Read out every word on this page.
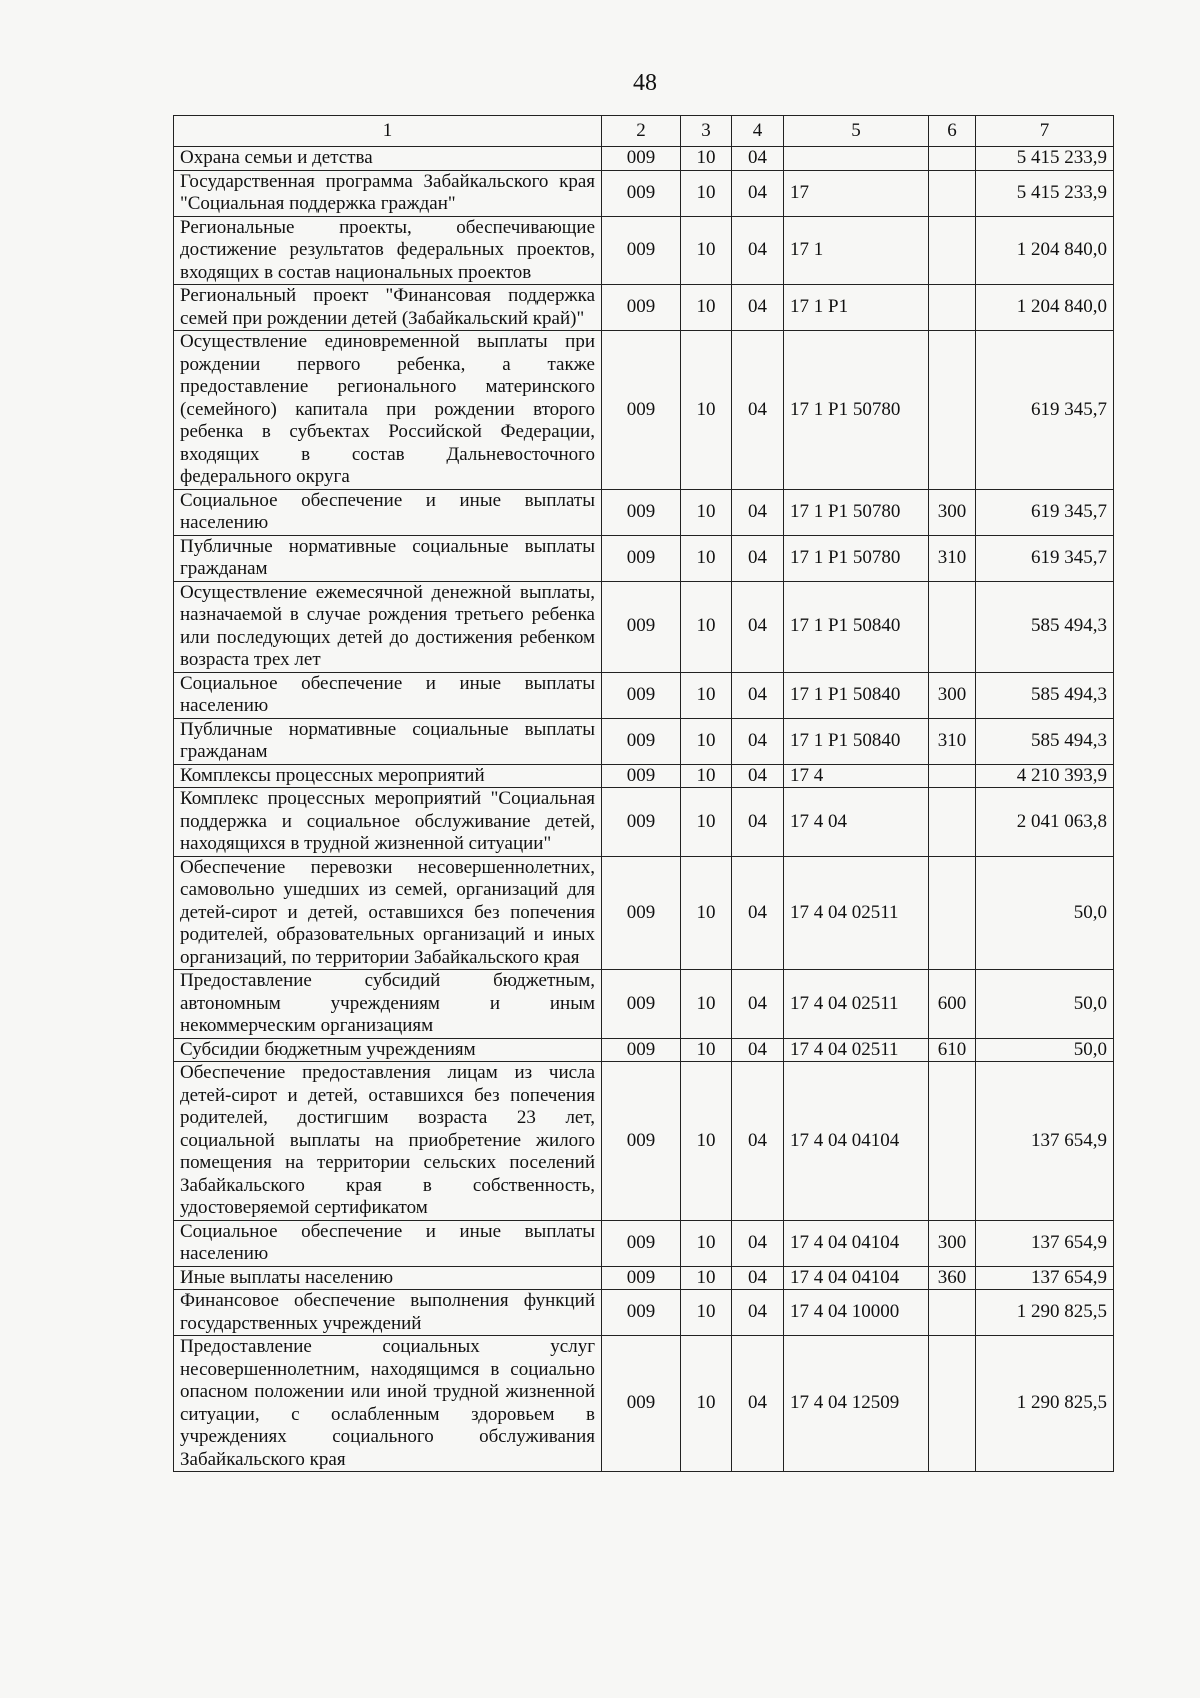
48
1	2	3	4	5	6	7
Охрана семьи и детства	009	10	04			5 415 233,9
Государственная программа Забайкальского края "Социальная поддержка граждан"	009	10	04	17		5 415 233,9
Региональные проекты, обеспечивающие достижение результатов федеральных проектов, входящих в состав национальных проектов	009	10	04	17 1		1 204 840,0
Региональный проект "Финансовая поддержка семей при рождении детей (Забайкальский край)"	009	10	04	17 1 P1		1 204 840,0
Осуществление единовременной выплаты при рождении первого ребенка, а также предоставление регионального материнского (семейного) капитала при рождении второго ребенка в субъектах Российской Федерации, входящих в состав Дальневосточного федерального округа	009	10	04	17 1 P1 50780		619 345,7
Социальное обеспечение и иные выплаты населению	009	10	04	17 1 P1 50780	300	619 345,7
Публичные нормативные социальные выплаты гражданам	009	10	04	17 1 P1 50780	310	619 345,7
Осуществление ежемесячной денежной выплаты, назначаемой в случае рождения третьего ребенка или последующих детей до достижения ребенком возраста трех лет	009	10	04	17 1 P1 50840		585 494,3
Социальное обеспечение и иные выплаты населению	009	10	04	17 1 P1 50840	300	585 494,3
Публичные нормативные социальные выплаты гражданам	009	10	04	17 1 P1 50840	310	585 494,3
Комплексы процессных мероприятий	009	10	04	17 4		4 210 393,9
Комплекс процессных мероприятий "Социальная поддержка и социальное обслуживание детей, находящихся в трудной жизненной ситуации"	009	10	04	17 4 04		2 041 063,8
Обеспечение перевозки несовершеннолетних, самовольно ушедших из семей, организаций для детей-сирот и детей, оставшихся без попечения родителей, образовательных организаций и иных организаций, по территории Забайкальского края	009	10	04	17 4 04 02511		50,0
Предоставление субсидий бюджетным, автономным учреждениям и иным некоммерческим организациям	009	10	04	17 4 04 02511	600	50,0
Субсидии бюджетным учреждениям	009	10	04	17 4 04 02511	610	50,0
Обеспечение предоставления лицам из числа детей-сирот и детей, оставшихся без попечения родителей, достигшим возраста 23 лет, социальной выплаты на приобретение жилого помещения на территории сельских поселений Забайкальского края в собственность, удостоверяемой сертификатом	009	10	04	17 4 04 04104		137 654,9
Социальное обеспечение и иные выплаты населению	009	10	04	17 4 04 04104	300	137 654,9
Иные выплаты населению	009	10	04	17 4 04 04104	360	137 654,9
Финансовое обеспечение выполнения функций государственных учреждений	009	10	04	17 4 04 10000		1 290 825,5
Предоставление социальных услуг несовершеннолетним, находящимся в социально опасном положении или иной трудной жизненной ситуации, с ослабленным здоровьем в учреждениях социального обслуживания Забайкальского края	009	10	04	17 4 04 12509		1 290 825,5
